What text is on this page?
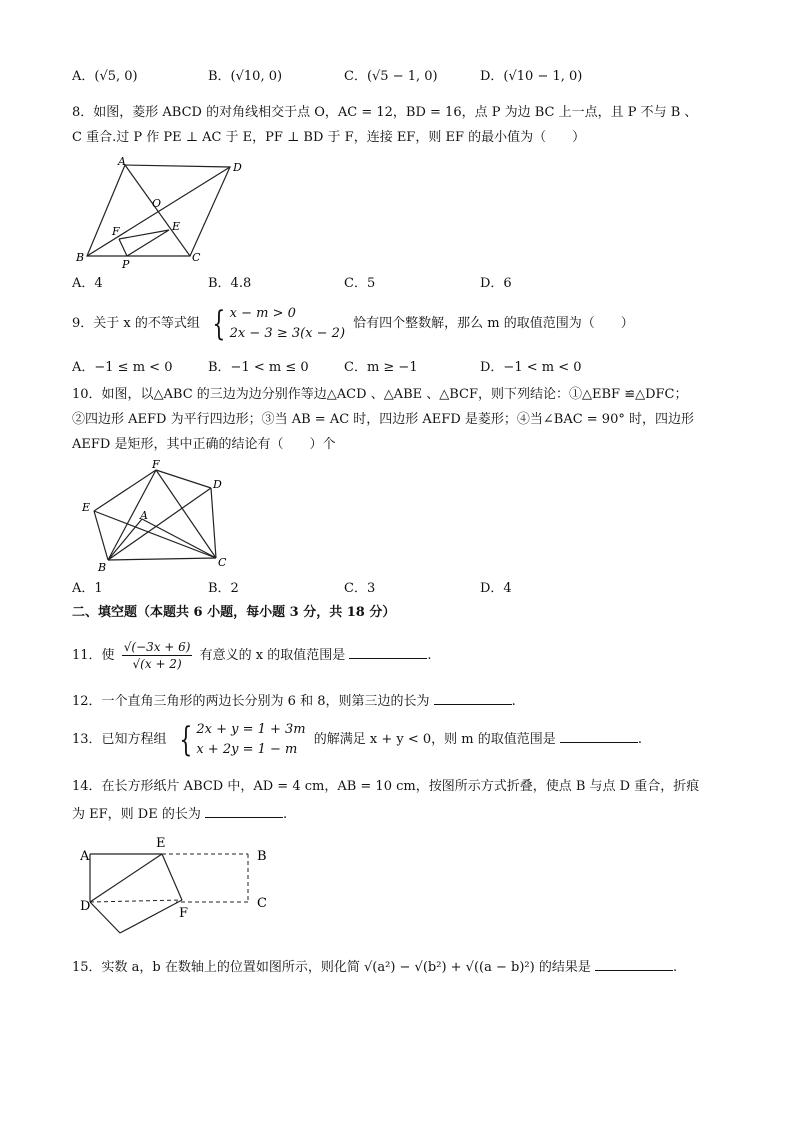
A．(√5, 0)	B．(√10, 0)	C．(√5 − 1, 0)	D．(√10 − 1, 0)
8．如图，菱形 ABCD 的对角线相交于点 O，AC = 12，BD = 16，点 P 为边 BC 上一点，且 P 不与 B 、
C 重合.过 P 作 PE ⊥ AC 于 E，PF ⊥ BD 于 F，连接 EF，则 EF 的最小值为（　　）
A	D
B	C
O
E
F
P
A．4	B．4.8	C．5	D．6
9．关于 x 的不等式组 { x − m > 0
2x − 3 ≥ 3(x − 2)
恰有四个整数解，那么 m 的取值范围为（　　）
A．−1 ≤ m < 0	B．−1 < m ≤ 0	C．m ≥ −1	D．−1 < m < 0
10．如图，以△ABC 的三边为边分别作等边△ACD 、△ABE 、△BCF，则下列结论：①△EBF ≌△DFC；
②四边形 AEFD 为平行四边形；③当 AB = AC 时，四边形 AEFD 是菱形；④当∠BAC = 90° 时，四边形
AEFD 是矩形，其中正确的结论有（　　）个
F
D
E
A
B	C
A．1	B．2	C．3	D．4
二、填空题（本题共 6 小题，每小题 3 分，共 18 分）
11．使 $\frac{√(-3x + 6)}{√(x + 2)}$ 有意义的 x 的取值范围是	.
12．一个直角三角形的两边长分别为 6 和 8，则第三边的长为	.
13．已知方程组 { 2x + y = 1 + 3m
x + 2y = 1 − m
的解满足 x + y < 0，则 m 的取值范围是	.
14．在长方形纸片 ABCD 中，AD = 4 cm，AB = 10 cm，按图所示方式折叠，使点 B 与点 D 重合，折痕
为 EF，则 DE 的长为	.
A
E
B
C
D	F
15．实数 a，b 在数轴上的位置如图所示，则化简 √(a²) − √(b²) + √((a − b)²) 的结果是	.
